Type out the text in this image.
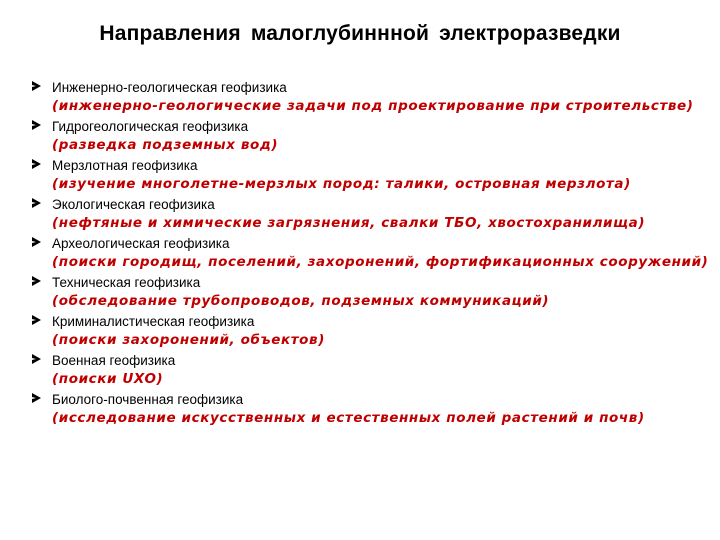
Направления малоглубиннной электроразведки
Инженерно-геологическая геофизика
(инженерно-геологические задачи под проектирование при строительстве)
Гидрогеологическая геофизика
(разведка подземных вод)
Мерзлотная геофизика
(изучение многолетне-мерзлых пород: талики, островная мерзлота)
Экологическая геофизика
(нефтяные и химические загрязнения, свалки ТБО, хвостохранилища)
Археологическая геофизика
(поиски городищ, поселений, захоронений, фортификационных сооружений)
Техническая геофизика
(обследование трубопроводов, подземных коммуникаций)
Криминалистическая геофизика
(поиски захоронений, объектов)
Военная геофизика
(поиски UXO)
Биолого-почвенная геофизика
(исследование искусственных и естественных полей растений и почв)
